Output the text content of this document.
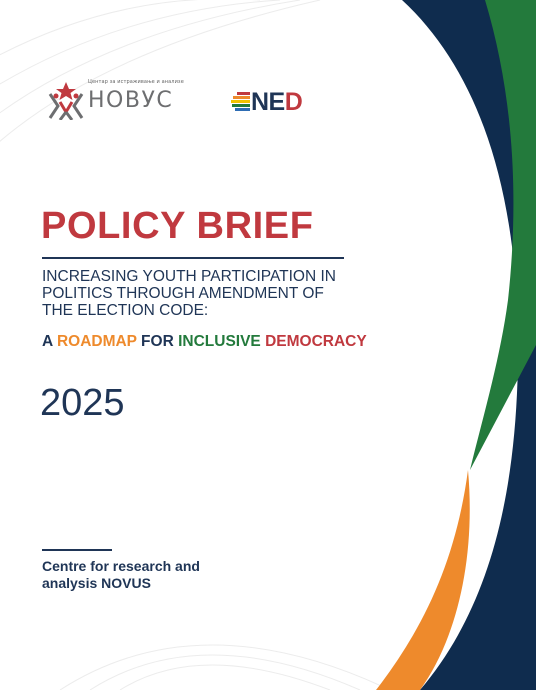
Центар за истраживање и анализе
НОВУС	NED
POLICY BRIEF

INCREASING YOUTH PARTICIPATION IN
POLITICS THROUGH AMENDMENT OF
THE ELECTION CODE:

A ROADMAP FOR INCLUSIVE DEMOCRACY
2025
Centre for research and
analysis NOVUS
